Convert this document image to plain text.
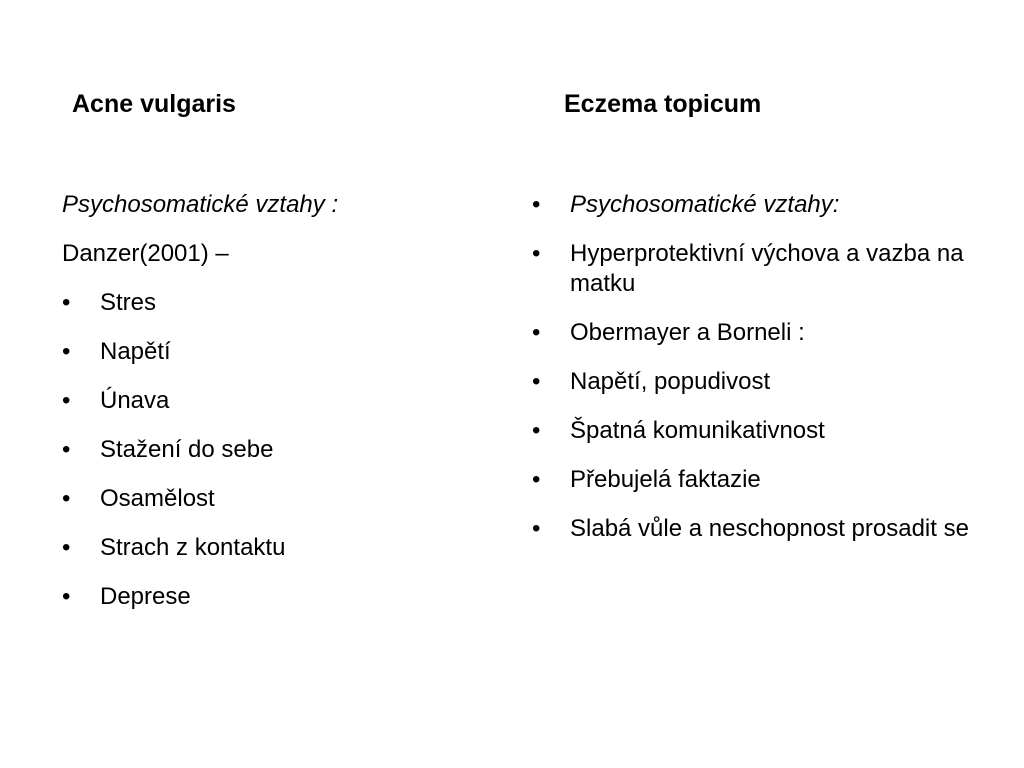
Acne vulgaris	Eczema topicum
Psychosomatické vztahy :
Danzer(2001) –
•	Stres
•	Napětí
•	Únava
•	Stažení do sebe
•	Osamělost
•	Strach z kontaktu
•	Deprese
•	Psychosomatické vztahy:
•	Hyperprotektivní výchova a vazba na matku
•	Obermayer a Borneli :
•	Napětí, popudivost
•	Špatná komunikativnost
•	Přebujelá faktazie
•	Slabá vůle a neschopnost prosadit se
